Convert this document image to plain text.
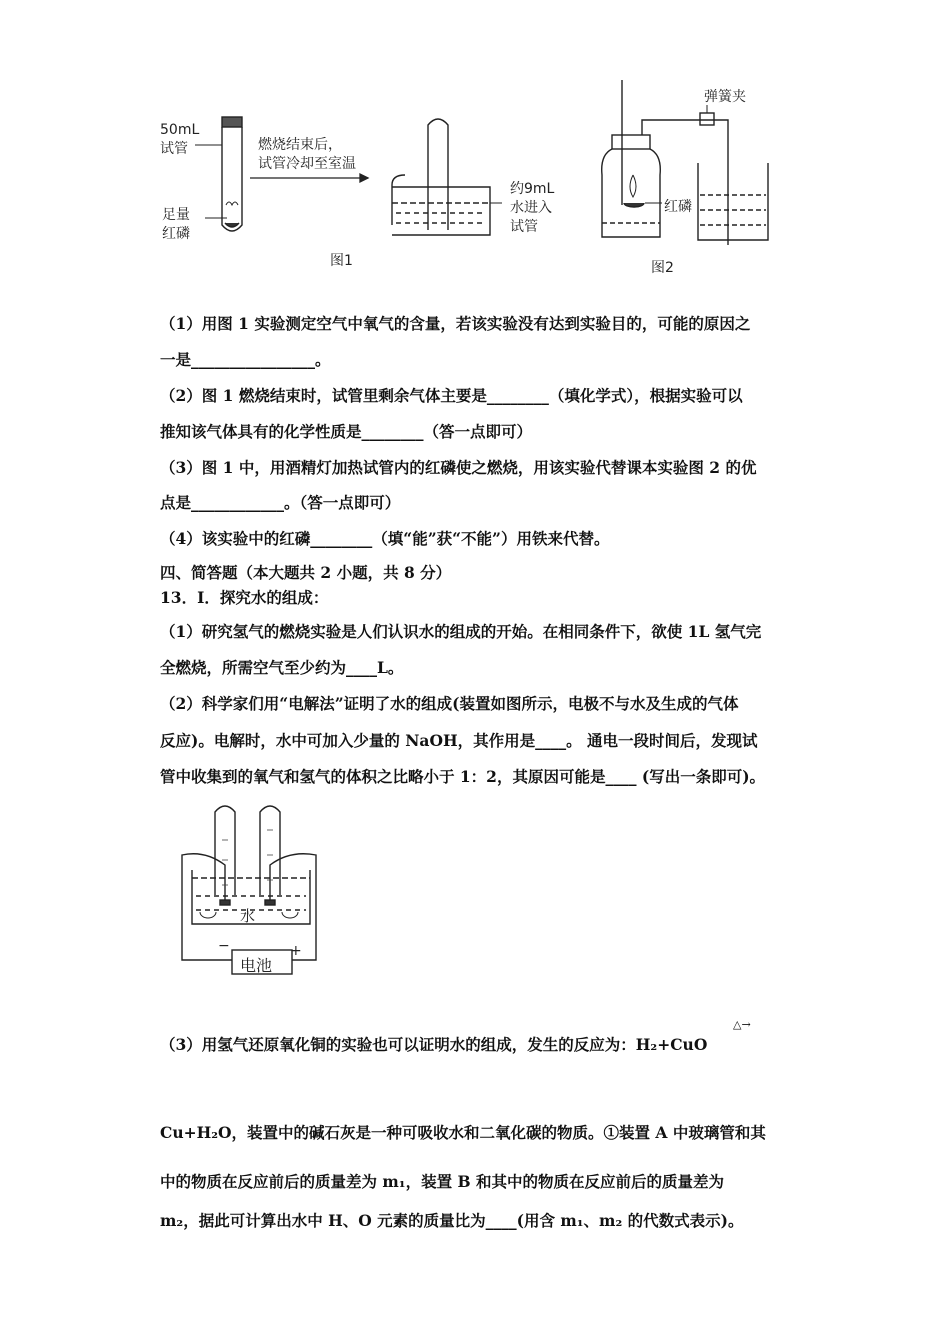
50mL
试管
足量
红磷
燃烧结束后，
试管冷却至室温
约9mL
水进入
试管
图1
弹簧夹
红磷
图2
（1）用图 1 实验测定空气中氧气的含量，若该实验没有达到实验目的，可能的原因之
一是________________。
（2）图 1 燃烧结束时，试管里剩余气体主要是________（填化学式），根据实验可以
推知该气体具有的化学性质是________（答一点即可）
（3）图 1 中，用酒精灯加热试管内的红磷使之燃烧，用该实验代替课本实验图 2 的优
点是____________。（答一点即可）
（4）该实验中的红磷________（填“能”获“不能”）用铁来代替。
四、简答题（本大题共 2 小题，共 8 分）
13．I．探究水的组成：
（1）研究氢气的燃烧实验是人们认识水的组成的开始。在相同条件下，欲使 1L 氢气完
全燃烧，所需空气至少约为____L。
（2）科学家们用“电解法”证明了水的组成(装置如图所示，电极不与水及生成的气体
反应)。电解时，水中可加入少量的 NaOH，其作用是____。 通电一段时间后，发现试
管中收集到的氧气和氢气的体积之比略小于 1：2，其原因可能是____ (写出一条即可)。
水
−	+
电池
（3）用氢气还原氧化铜的实验也可以证明水的组成，发生的反应为：H₂+CuO
△→
Cu+H₂O，装置中的碱石灰是一种可吸收水和二氧化碳的物质。①装置 A 中玻璃管和其
中的物质在反应前后的质量差为 m₁，装置 B 和其中的物质在反应前后的质量差为
m₂，据此可计算出水中 H、O 元素的质量比为____(用含 m₁、m₂ 的代数式表示)。
